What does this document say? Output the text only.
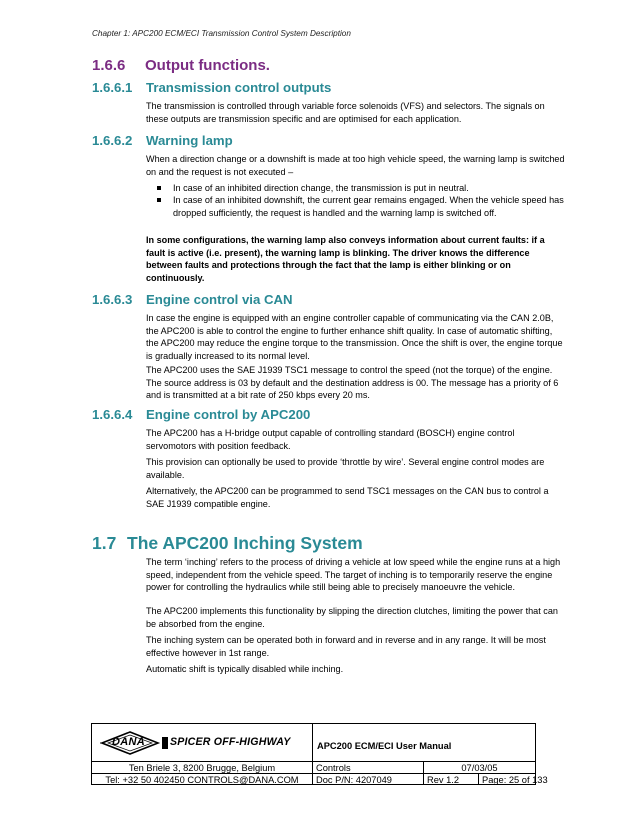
Chapter 1: APC200 ECM/ECI Transmission Control System Description
1.6.6 Output functions.
1.6.6.1 Transmission control outputs

The transmission is controlled through variable force solenoids (VFS) and selectors. The signals on these outputs are transmission specific and are optimised for each application.

1.6.6.2 Warning lamp

When a direction change or a downshift is made at too high vehicle speed, the warning lamp is switched on and the request is not executed –

In case of an inhibited direction change, the transmission is put in neutral.
In case of an inhibited downshift, the current gear remains engaged. When the vehicle speed has dropped sufficiently, the request is handled and the warning lamp is switched off.

In some configurations, the warning lamp also conveys information about current faults: if a fault is active (i.e. present), the warning lamp is blinking. The driver knows the difference between faults and protections through the fact that the lamp is either blinking or on continuously.

1.6.6.3 Engine control via CAN

In case the engine is equipped with an engine controller capable of communicating via the CAN 2.0B, the APC200 is able to control the engine to further enhance shift quality. In case of automatic shifting, the APC200 may reduce the engine torque to the transmission. Once the shift is over, the engine torque is gradually increased to its normal level.

The APC200 uses the SAE J1939 TSC1 message to control the speed (not the torque) of the engine. The source address is 03 by default and the destination address is 00. The message has a priority of 6 and is transmitted at a bit rate of 250 kbps every 20 ms.

1.6.6.4 Engine control by APC200

The APC200 has a H-bridge output capable of controlling standard (BOSCH) engine control servomotors with position feedback.

This provision can optionally be used to provide ‘throttle by wire’. Several engine control modes are available.

Alternatively, the APC200 can be programmed to send TSC1 messages on the CAN bus to control a SAE J1939 compatible engine.

1.7 The APC200 Inching System

The term ‘inching’ refers to the process of driving a vehicle at low speed while the engine runs at a high speed, independent from the vehicle speed. The target of inching is to temporarily reserve the engine power for controlling the hydraulics while still being able to precisely manoeuvre the vehicle.

The APC200 implements this functionality by slipping the direction clutches, limiting the power that can be absorbed from the engine.

The inching system can be operated both in forward and in reverse and in any range. It will be most effective however in 1st range.

Automatic shift is typically disabled while inching.

DANA SPICER OFF-HIGHWAY	APC200 ECM/ECI User Manual
Ten Briele 3, 8200 Brugge, Belgium	Controls	07/03/05
Tel: +32 50 402450 CONTROLS@DANA.COM	Doc P/N: 4207049	Rev 1.2	Page: 25 of 133
